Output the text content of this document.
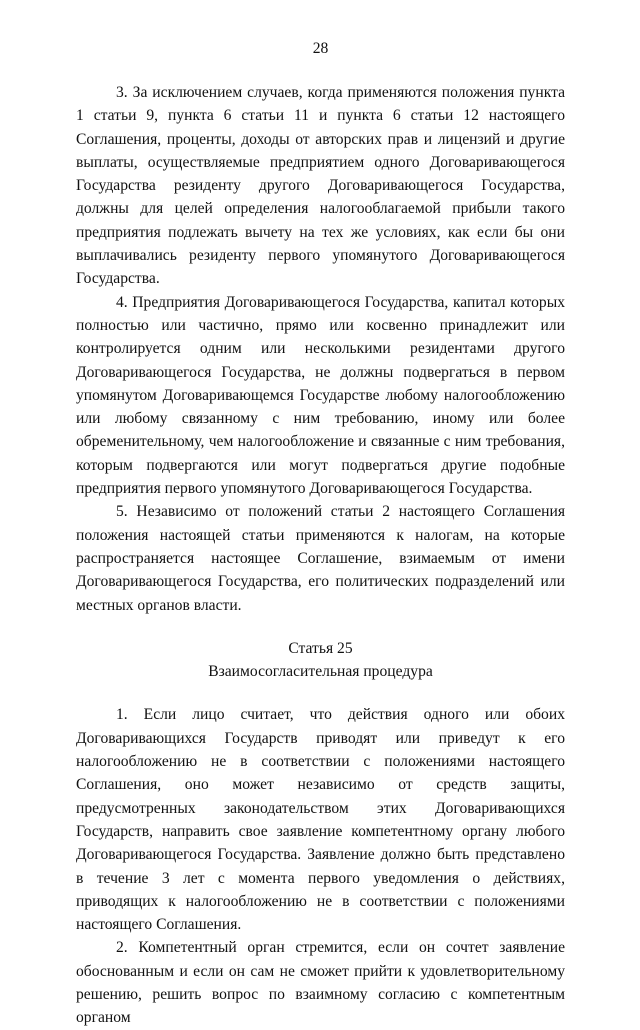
28

3. За исключением случаев, когда применяются положения пункта 1 статьи 9, пункта 6 статьи 11 и пункта 6 статьи 12 настоящего Соглашения, проценты, доходы от авторских прав и лицензий и другие выплаты, осуществляемые предприятием одного Договаривающегося Государства резиденту другого Договаривающегося Государства, должны для целей определения налогооблагаемой прибыли такого предприятия подлежать вычету на тех же условиях, как если бы они выплачивались резиденту первого упомянутого Договаривающегося Государства.

4. Предприятия Договаривающегося Государства, капитал которых полностью или частично, прямо или косвенно принадлежит или контролируется одним или несколькими резидентами другого Договаривающегося Государства, не должны подвергаться в первом упомянутом Договаривающемся Государстве любому налогообложению или любому связанному с ним требованию, иному или более обременительному, чем налогообложение и связанные с ним требования, которым подвергаются или могут подвергаться другие подобные предприятия первого упомянутого Договаривающегося Государства.

5. Независимо от положений статьи 2 настоящего Соглашения положения настоящей статьи применяются к налогам, на которые распространяется настоящее Соглашение, взимаемым от имени Договаривающегося Государства, его политических подразделений или местных органов власти.

Статья 25
Взаимосогласительная процедура

1. Если лицо считает, что действия одного или обоих Договаривающихся Государств приводят или приведут к его налогообложению не в соответствии с положениями настоящего Соглашения, оно может независимо от средств защиты, предусмотренных законодательством этих Договаривающихся Государств, направить свое заявление компетентному органу любого Договаривающегося Государства. Заявление должно быть представлено в течение 3 лет с момента первого уведомления о действиях, приводящих к налогообложению не в соответствии с положениями настоящего Соглашения.

2. Компетентный орган стремится, если он сочтет заявление обоснованным и если он сам не сможет прийти к удовлетворительному решению, решить вопрос по взаимному согласию с компетентным органом
